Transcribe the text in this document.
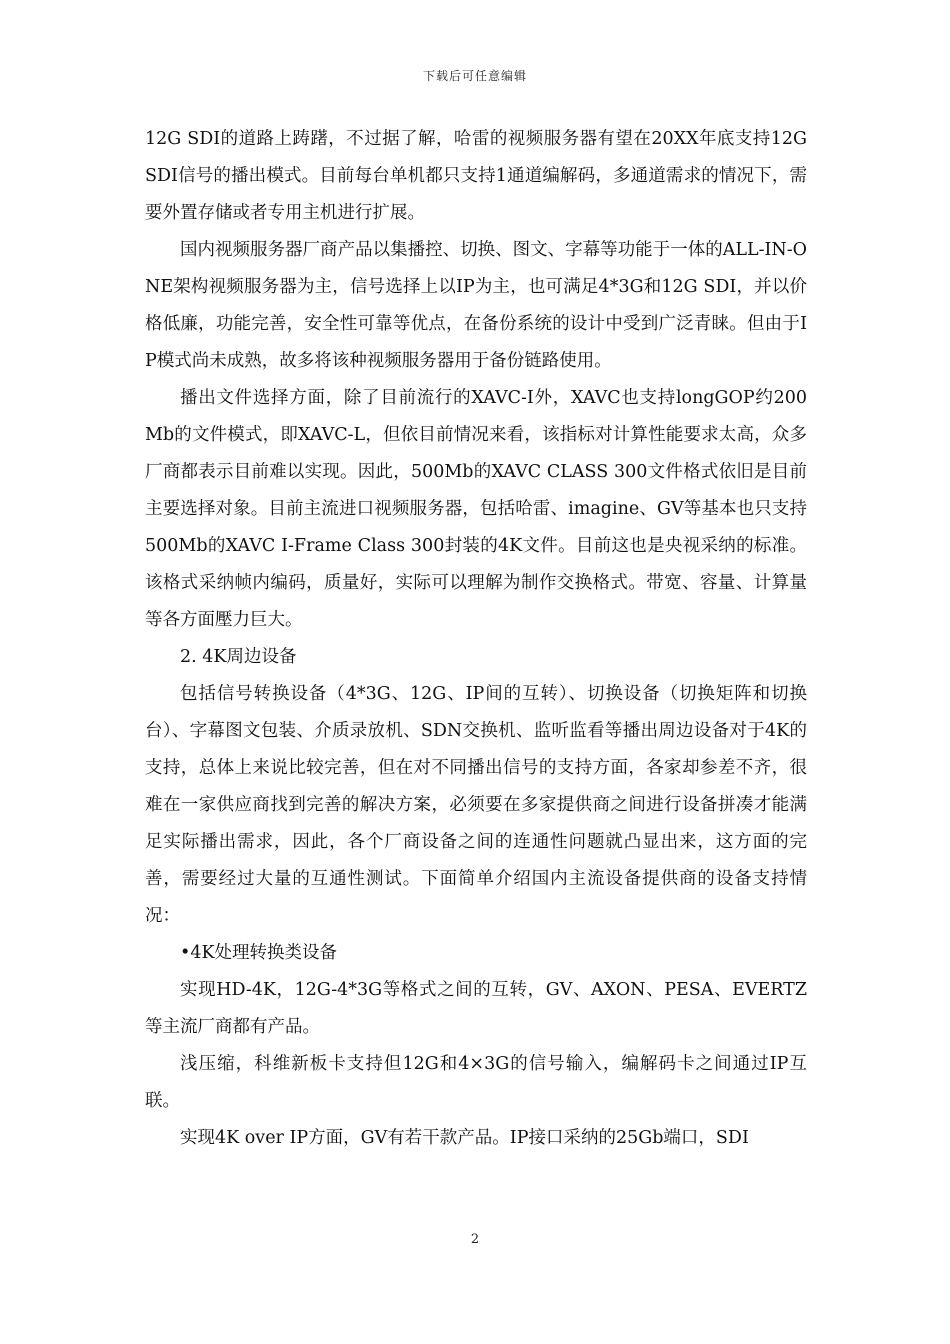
下载后可任意编辑

12G SDI的道路上踌躇，不过据了解，哈雷的视频服务器有望在20XX年底支持12G SDI信号的播出模式。目前每台单机都只支持1通道编解码，多通道需求的情况下，需要外置存储或者专用主机进行扩展。

国内视频服务器厂商产品以集播控、切换、图文、字幕等功能于一体的ALL-IN-ONE架构视频服务器为主，信号选择上以IP为主，也可满足4*3G和12G SDI，并以价格低廉，功能完善，安全性可靠等优点，在备份系统的设计中受到广泛青睐。但由于IP模式尚未成熟，故多将该种视频服务器用于备份链路使用。

播出文件选择方面，除了目前流行的XAVC-I外，XAVC也支持longGOP约200Mb的文件模式，即XAVC-L，但依目前情况来看，该指标对计算性能要求太高，众多厂商都表示目前难以实现。因此，500Mb的XAVC CLASS 300文件格式依旧是目前主要选择对象。目前主流进口视频服务器，包括哈雷、imagine、GV等基本也只支持500Mb的XAVC I-Frame Class 300封装的4K文件。目前这也是央视采纳的标准。该格式采纳帧内编码，质量好，实际可以理解为制作交换格式。带宽、容量、计算量等各方面壓力巨大。

2. 4K周边设备

包括信号转换设备（4*3G、12G、IP间的互转）、切换设备（切换矩阵和切换台）、字幕图文包装、介质录放机、SDN交换机、监听监看等播出周边设备对于4K的支持，总体上来说比较完善，但在对不同播出信号的支持方面，各家却参差不齐，很难在一家供应商找到完善的解决方案，必须要在多家提供商之间进行设备拼凑才能满足实际播出需求，因此，各个厂商设备之间的连通性问题就凸显出来，这方面的完善，需要经过大量的互通性测试。下面简单介绍国内主流设备提供商的设备支持情况：

•4K处理转换类设备

实现HD-4K，12G-4*3G等格式之间的互转，GV、AXON、PESA、EVERTZ等主流厂商都有产品。

浅压缩，科维新板卡支持但12G和4×3G的信号输入，编解码卡之间通过IP互联。

实现4K over IP方面，GV有若干款产品。IP接口采纳的25Gb端口，SDI

2
